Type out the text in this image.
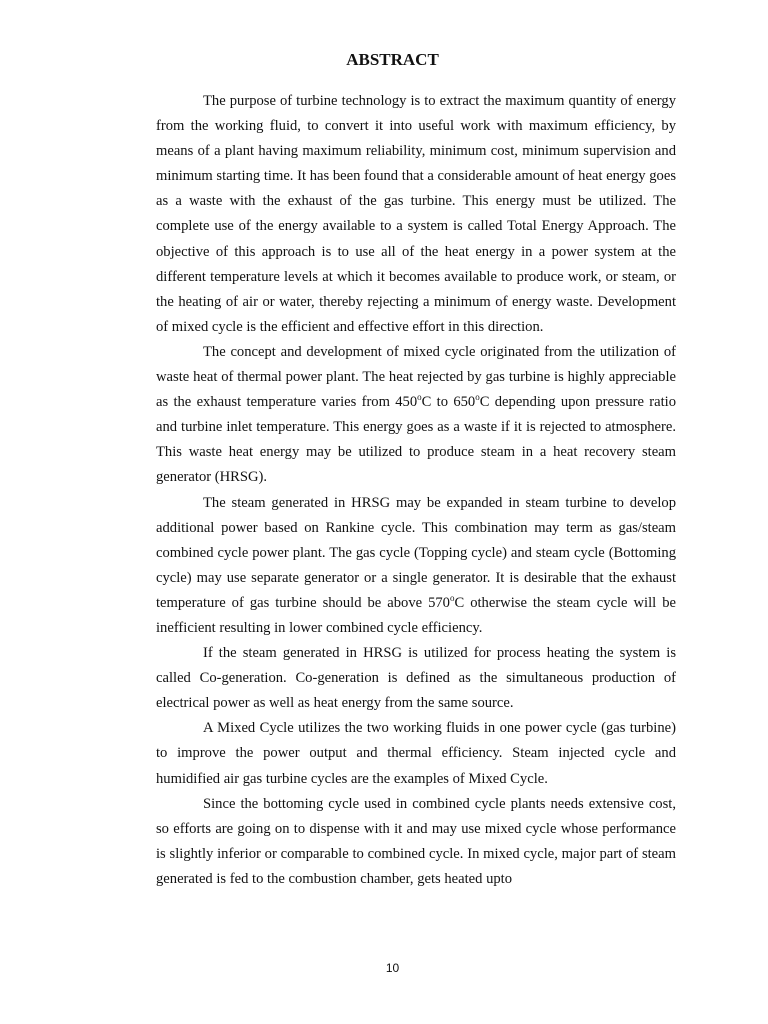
ABSTRACT

The purpose of turbine technology is to extract the maximum quantity of energy from the working fluid, to convert it into useful work with maximum efficiency, by means of a plant having maximum reliability, minimum cost, minimum supervision and minimum starting time. It has been found that a considerable amount of heat energy goes as a waste with the exhaust of the gas turbine. This energy must be utilized. The complete use of the energy available to a system is called Total Energy Approach. The objective of this approach is to use all of the heat energy in a power system at the different temperature levels at which it becomes available to produce work, or steam, or the heating of air or water, thereby rejecting a minimum of energy waste. Development of mixed cycle is the efficient and effective effort in this direction.

The concept and development of mixed cycle originated from the utilization of waste heat of thermal power plant. The heat rejected by gas turbine is highly appreciable as the exhaust temperature varies from 450$^o$C to 650$^o$C depending upon pressure ratio and turbine inlet temperature. This energy goes as a waste if it is rejected to atmosphere. This waste heat energy may be utilized to produce steam in a heat recovery steam generator (HRSG).

The steam generated in HRSG may be expanded in steam turbine to develop additional power based on Rankine cycle. This combination may term as gas/steam combined cycle power plant. The gas cycle (Topping cycle) and steam cycle (Bottoming cycle) may use separate generator or a single generator. It is desirable that the exhaust temperature of gas turbine should be above 570$^o$C otherwise the steam cycle will be inefficient resulting in lower combined cycle efficiency.

If the steam generated in HRSG is utilized for process heating the system is called Co-generation. Co-generation is defined as the simultaneous production of electrical power as well as heat energy from the same source.

A Mixed Cycle utilizes the two working fluids in one power cycle (gas turbine) to improve the power output and thermal efficiency. Steam injected cycle and humidified air gas turbine cycles are the examples of Mixed Cycle.

Since the bottoming cycle used in combined cycle plants needs extensive cost, so efforts are going on to dispense with it and may use mixed cycle whose performance is slightly inferior or comparable to combined cycle. In mixed cycle, major part of steam generated is fed to the combustion chamber, gets heated upto

10
